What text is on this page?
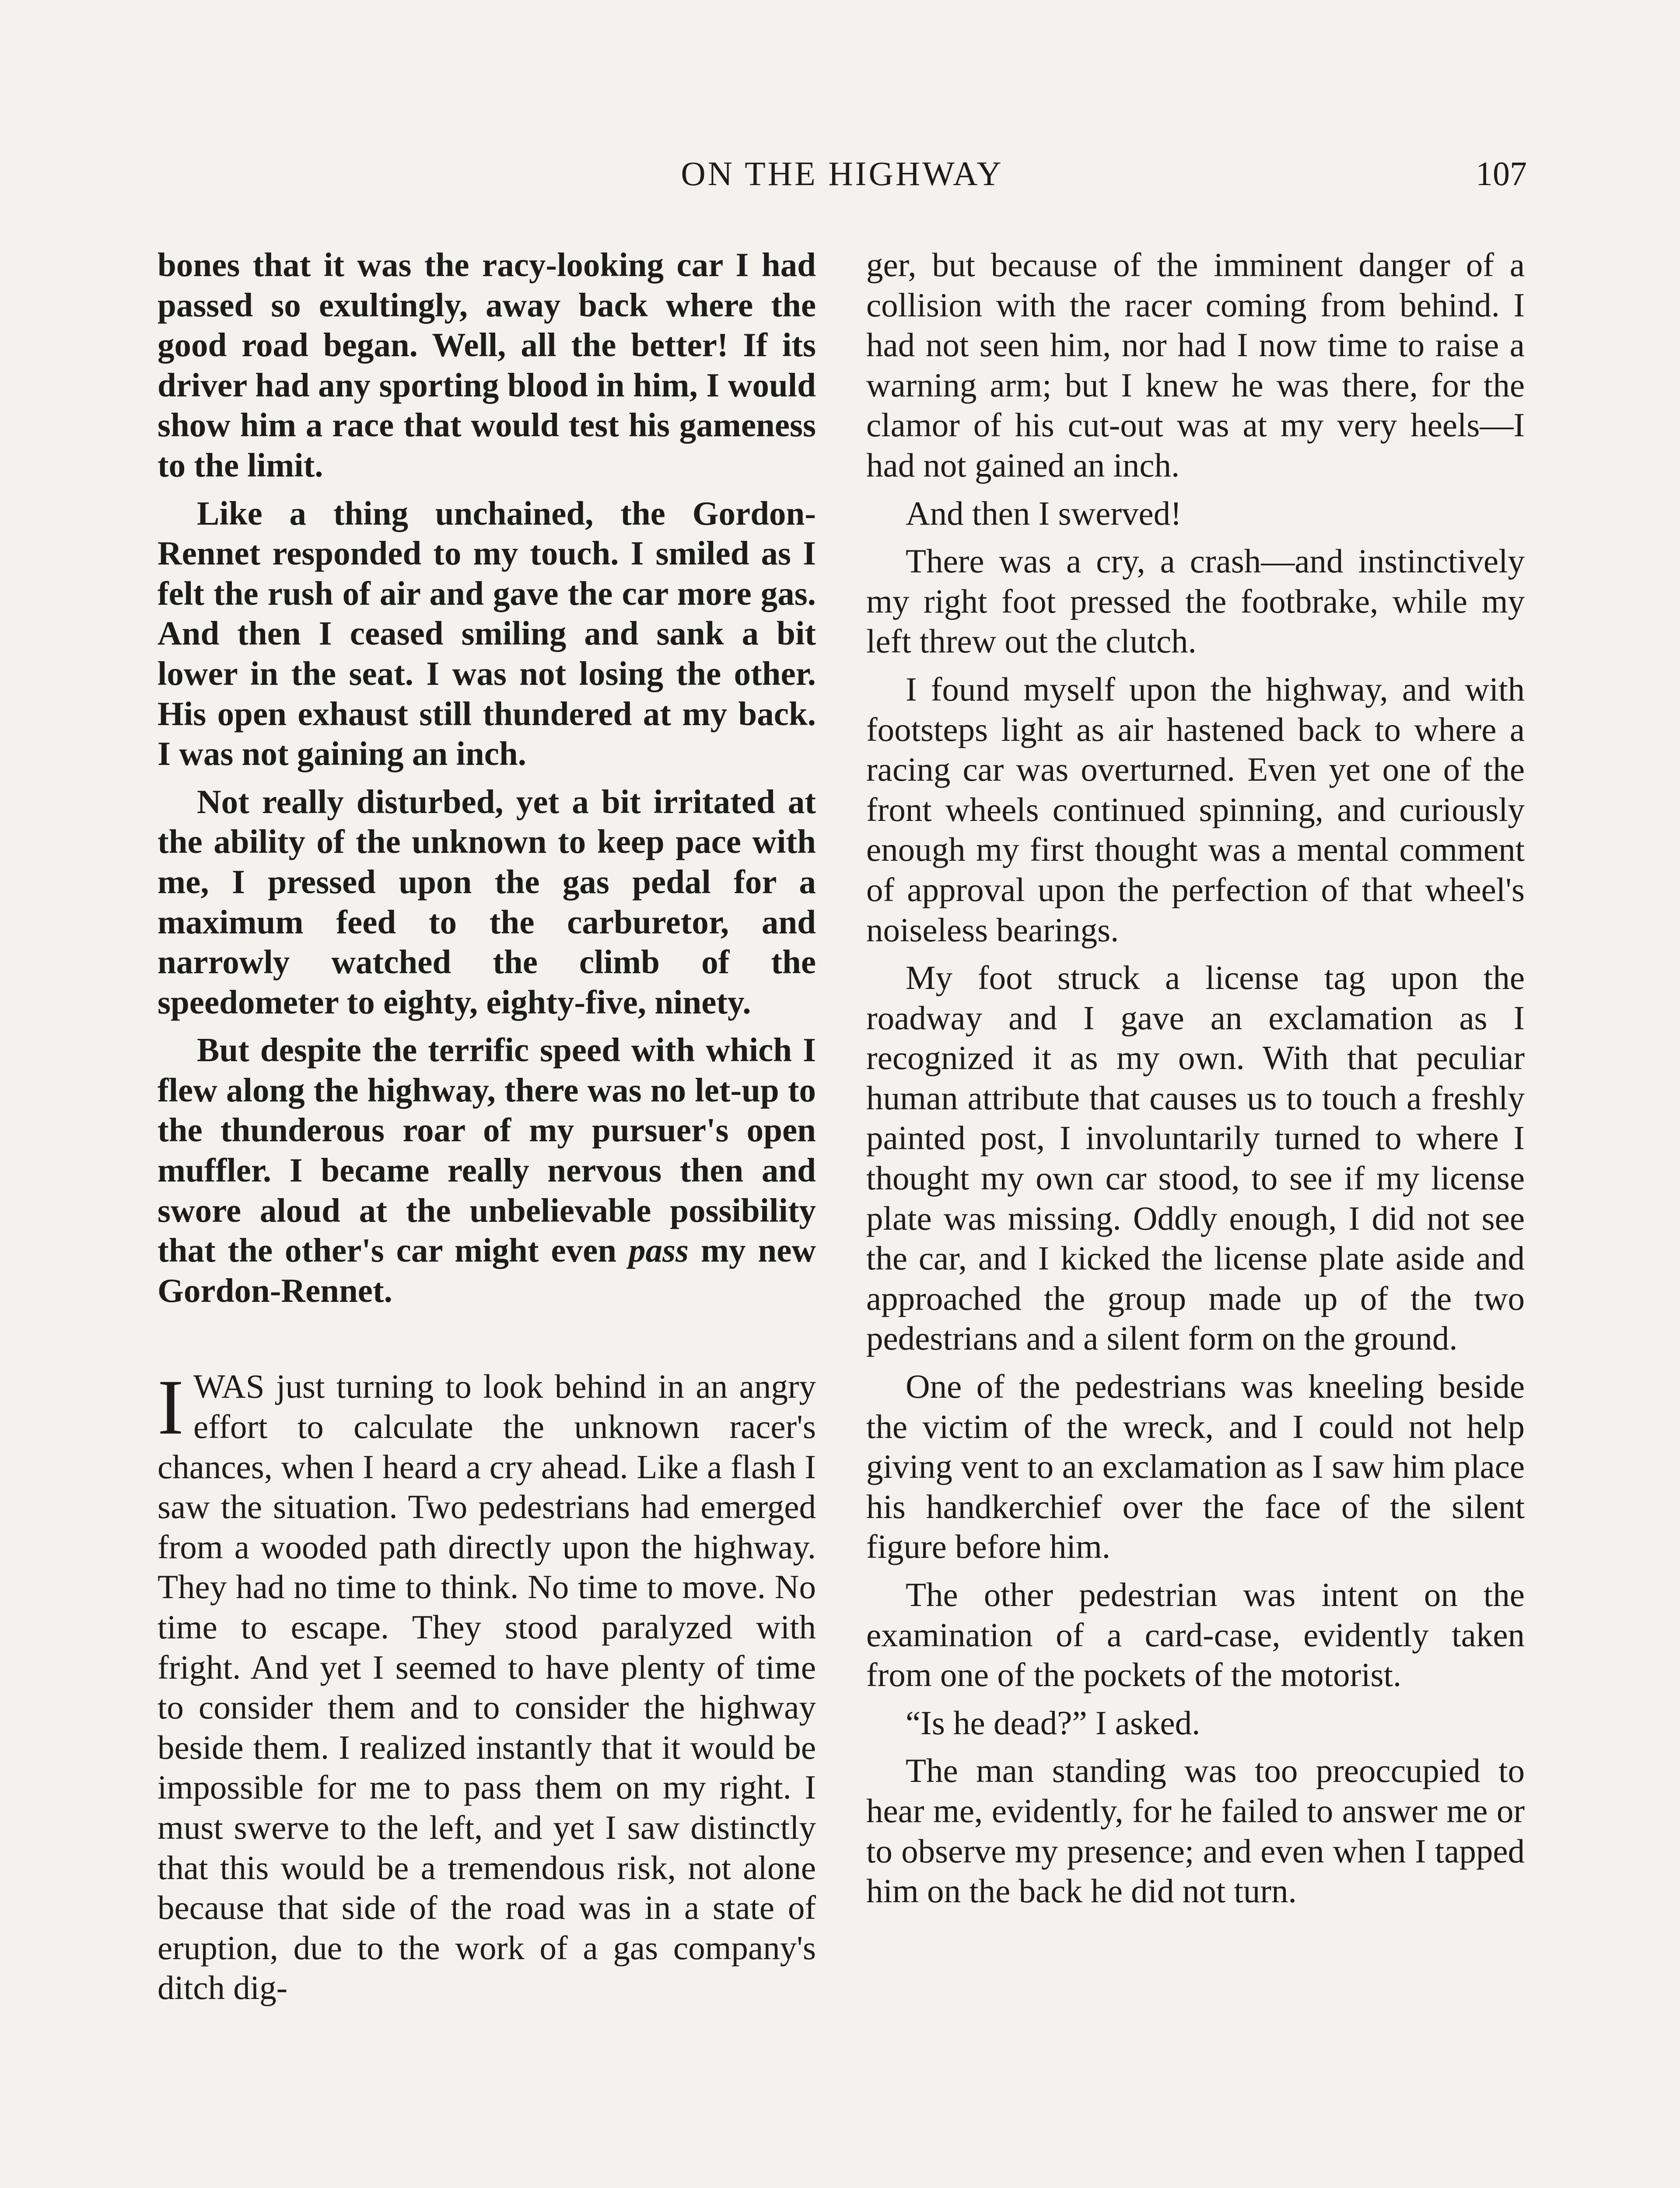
ON THE HIGHWAY	107

bones that it was the racy-looking car I had passed so exultingly, away back where the good road began. Well, all the better! If its driver had any sporting blood in him, I would show him a race that would test his gameness to the limit.

Like a thing unchained, the Gordon-Rennet responded to my touch. I smiled as I felt the rush of air and gave the car more gas. And then I ceased smiling and sank a bit lower in the seat. I was not losing the other. His open exhaust still thundered at my back. I was not gaining an inch.

Not really disturbed, yet a bit irritated at the ability of the unknown to keep pace with me, I pressed upon the gas pedal for a maximum feed to the carburetor, and narrowly watched the climb of the speedometer to eighty, eighty-five, ninety.

But despite the terrific speed with which I flew along the highway, there was no let-up to the thunderous roar of my pursuer's open muffler. I became really nervous then and swore aloud at the unbelievable possibility that the other's car might even pass my new Gordon-Rennet.

IWAS just turning to look behind in an angry effort to calculate the unknown racer's chances, when I heard a cry ahead. Like a flash I saw the situation. Two pedestrians had emerged from a wooded path directly upon the highway. They had no time to think. No time to move. No time to escape. They stood paralyzed with fright. And yet I seemed to have plenty of time to consider them and to consider the highway beside them. I realized instantly that it would be impossible for me to pass them on my right. I must swerve to the left, and yet I saw distinctly that this would be a tremendous risk, not alone because that side of the road was in a state of eruption, due to the work of a gas company's ditch dig-

ger, but because of the imminent danger of a collision with the racer coming from behind. I had not seen him, nor had I now time to raise a warning arm; but I knew he was there, for the clamor of his cut-out was at my very heels—I had not gained an inch.

And then I swerved!

There was a cry, a crash—and instinctively my right foot pressed the footbrake, while my left threw out the clutch.

I found myself upon the highway, and with footsteps light as air hastened back to where a racing car was overturned. Even yet one of the front wheels continued spinning, and curiously enough my first thought was a mental comment of approval upon the perfection of that wheel's noiseless bearings.

My foot struck a license tag upon the roadway and I gave an exclamation as I recognized it as my own. With that peculiar human attribute that causes us to touch a freshly painted post, I involuntarily turned to where I thought my own car stood, to see if my license plate was missing. Oddly enough, I did not see the car, and I kicked the license plate aside and approached the group made up of the two pedestrians and a silent form on the ground.

One of the pedestrians was kneeling beside the victim of the wreck, and I could not help giving vent to an exclamation as I saw him place his handkerchief over the face of the silent figure before him.

The other pedestrian was intent on the examination of a card-case, evidently taken from one of the pockets of the motorist.

“Is he dead?” I asked.

The man standing was too preoccupied to hear me, evidently, for he failed to answer me or to observe my presence; and even when I tapped him on the back he did not turn.
